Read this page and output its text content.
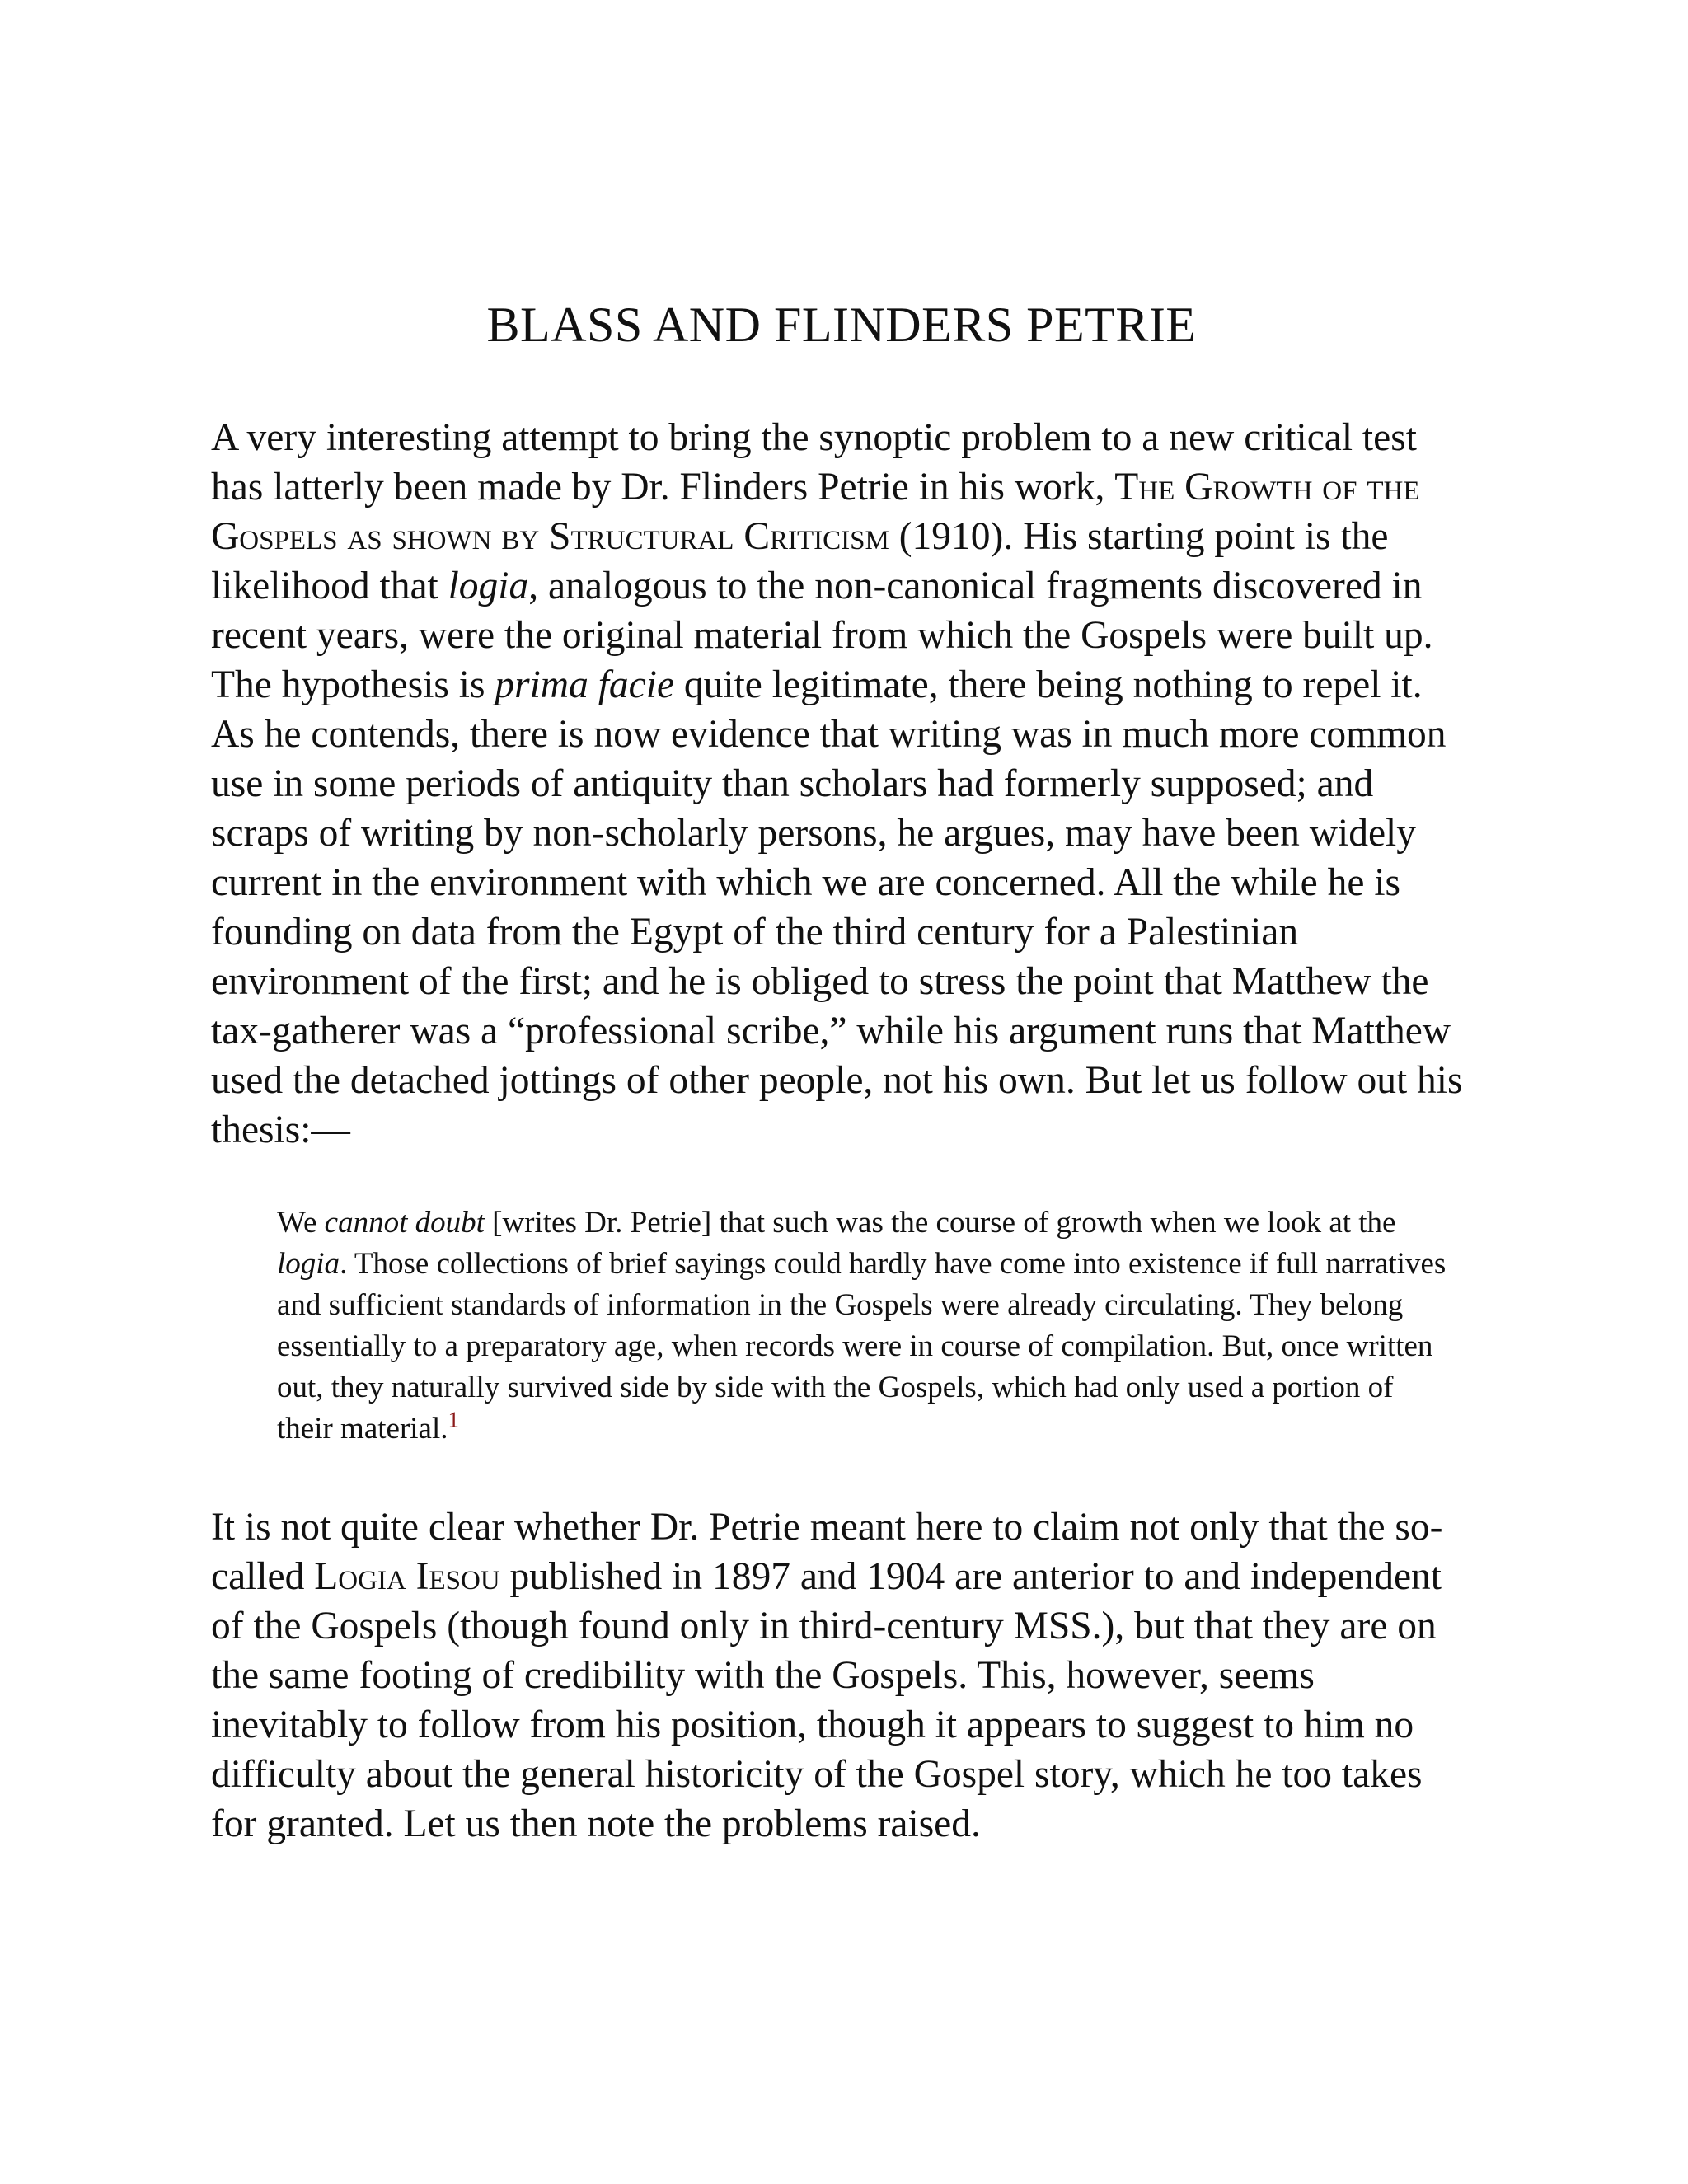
BLASS AND FLINDERS PETRIE

A very interesting attempt to bring the synoptic problem to a new critical test has latterly been made by Dr. Flinders Petrie in his work, The Growth of the Gospels as shown by Structural Criticism (1910). His starting point is the likelihood that logia, analogous to the non-canonical fragments discovered in recent years, were the original material from which the Gospels were built up. The hypothesis is prima facie quite legitimate, there being nothing to repel it. As he contends, there is now evidence that writing was in much more common use in some periods of antiquity than scholars had formerly supposed; and scraps of writing by non-scholarly persons, he argues, may have been widely current in the environment with which we are concerned. All the while he is founding on data from the Egypt of the third century for a Palestinian environment of the first; and he is obliged to stress the point that Matthew the tax-gatherer was a “professional scribe,” while his argument runs that Matthew used the detached jottings of other people, not his own. But let us follow out his thesis:—

We cannot doubt [writes Dr. Petrie] that such was the course of growth when we look at the logia. Those collections of brief sayings could hardly have come into existence if full narratives and sufficient standards of information in the Gospels were already circulating. They belong essentially to a preparatory age, when records were in course of compilation. But, once written out, they naturally survived side by side with the Gospels, which had only used a portion of their material.$^1$

It is not quite clear whether Dr. Petrie meant here to claim not only that the so-called Logia Iesou published in 1897 and 1904 are anterior to and independent of the Gospels (though found only in third-century MSS.), but that they are on the same footing of credibility with the Gospels. This, however, seems inevitably to follow from his position, though it appears to suggest to him no difficulty about the general historicity of the Gospel story, which he too takes for granted. Let us then note the problems raised.
